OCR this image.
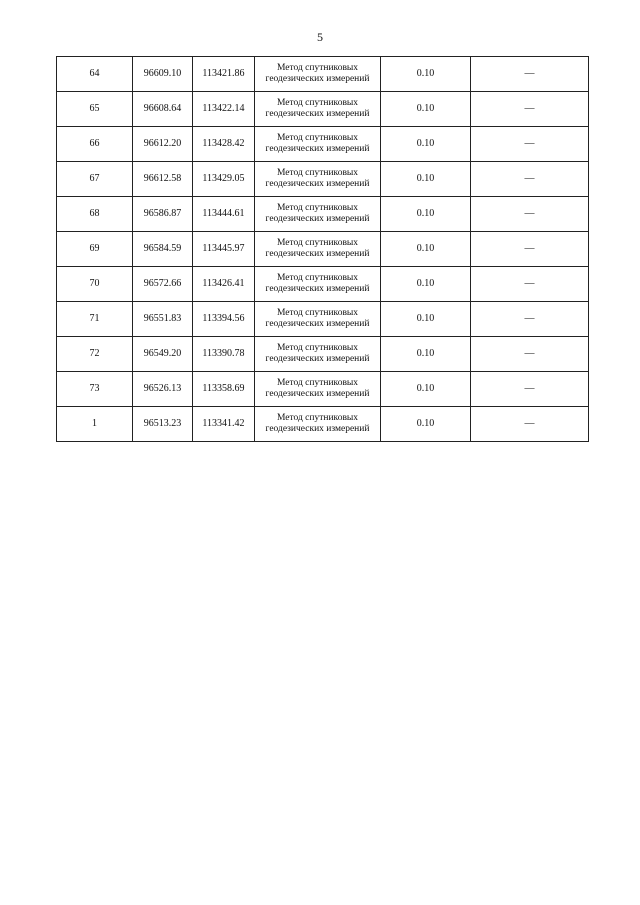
5
64	96609.10	113421.86	Метод спутниковых
геодезических измерений	0.10	—
65	96608.64	113422.14	Метод спутниковых
геодезических измерений	0.10	—
66	96612.20	113428.42	Метод спутниковых
геодезических измерений	0.10	—
67	96612.58	113429.05	Метод спутниковых
геодезических измерений	0.10	—
68	96586.87	113444.61	Метод спутниковых
геодезических измерений	0.10	—
69	96584.59	113445.97	Метод спутниковых
геодезических измерений	0.10	—
70	96572.66	113426.41	Метод спутниковых
геодезических измерений	0.10	—
71	96551.83	113394.56	Метод спутниковых
геодезических измерений	0.10	—
72	96549.20	113390.78	Метод спутниковых
геодезических измерений	0.10	—
73	96526.13	113358.69	Метод спутниковых
геодезических измерений	0.10	—
1	96513.23	113341.42	Метод спутниковых
геодезических измерений	0.10	—
